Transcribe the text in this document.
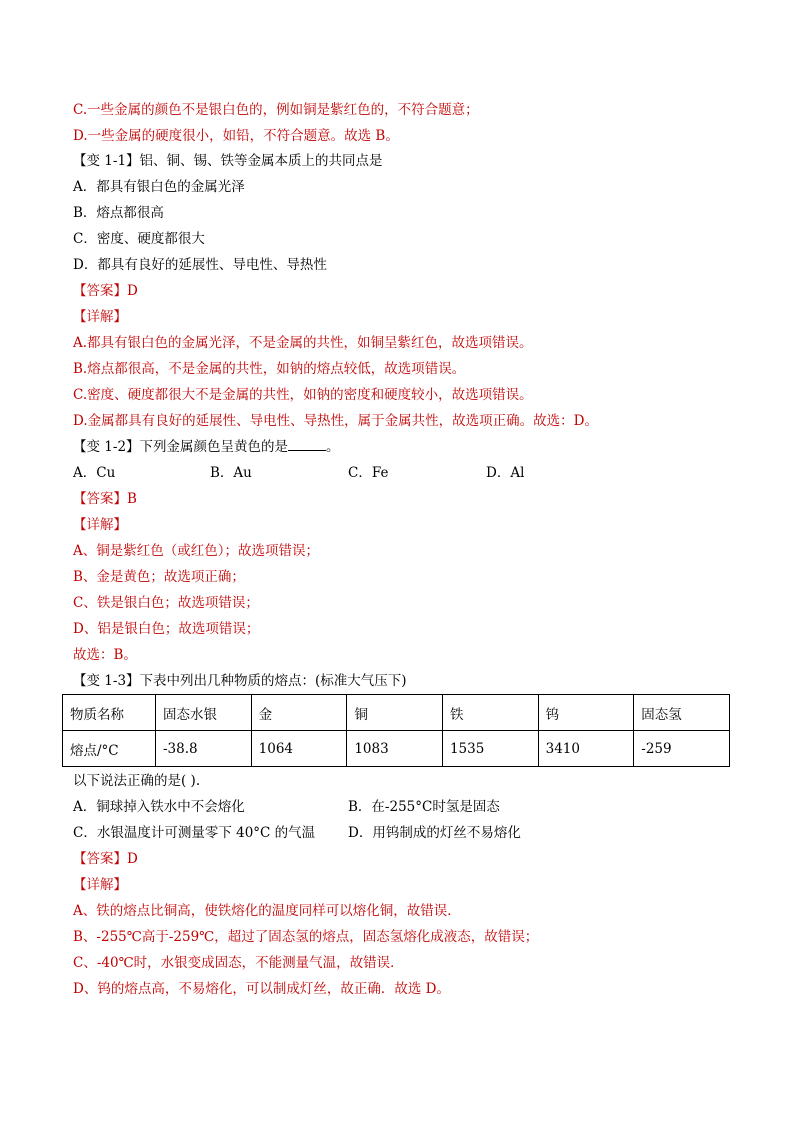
C.一些金属的颜色不是银白色的，例如铜是紫红色的，不符合题意；
D.一些金属的硬度很小，如铅，不符合题意。故选 B。
【变 1-1】铝、铜、锡、铁等金属本质上的共同点是
A．都具有银白色的金属光泽
B．熔点都很高
C．密度、硬度都很大
D．都具有良好的延展性、导电性、导热性
【答案】D
【详解】
A.都具有银白色的金属光泽，不是金属的共性，如铜呈紫红色，故选项错误。
B.熔点都很高，不是金属的共性，如钠的熔点较低，故选项错误。
C.密度、硬度都很大不是金属的共性，如钠的密度和硬度较小，故选项错误。
D.金属都具有良好的延展性、导电性、导热性，属于金属共性，故选项正确。故选：D。
【变 1-2】下列金属颜色呈黄色的是	。
A．Cu	B．Au	C．Fe	D．Al
【答案】B
【详解】
A、铜是紫红色（或红色）；故选项错误；
B、金是黄色；故选项正确；
C、铁是银白色；故选项错误；
D、铝是银白色；故选项错误；
故选：B。
【变 1-3】下表中列出几种物质的熔点：(标准大气压下)
物质名称	固态水银	金	铜	铁	钨	固态氢
熔点/°C	-38.8	1064	1083	1535	3410	-259
以下说法正确的是( ).
A．铜球掉入铁水中不会熔化	B．在-255°C时氢是固态
C．水银温度计可测量零下 40°C 的气温 D．用钨制成的灯丝不易熔化
【答案】D
【详解】
A、铁的熔点比铜高，使铁熔化的温度同样可以熔化铜，故错误．
B、-255℃高于-259℃，超过了固态氢的熔点，固态氢熔化成液态，故错误；
C、-40℃时，水银变成固态，不能测量气温，故错误．
D、钨的熔点高，不易熔化，可以制成灯丝，故正确．故选 D。
